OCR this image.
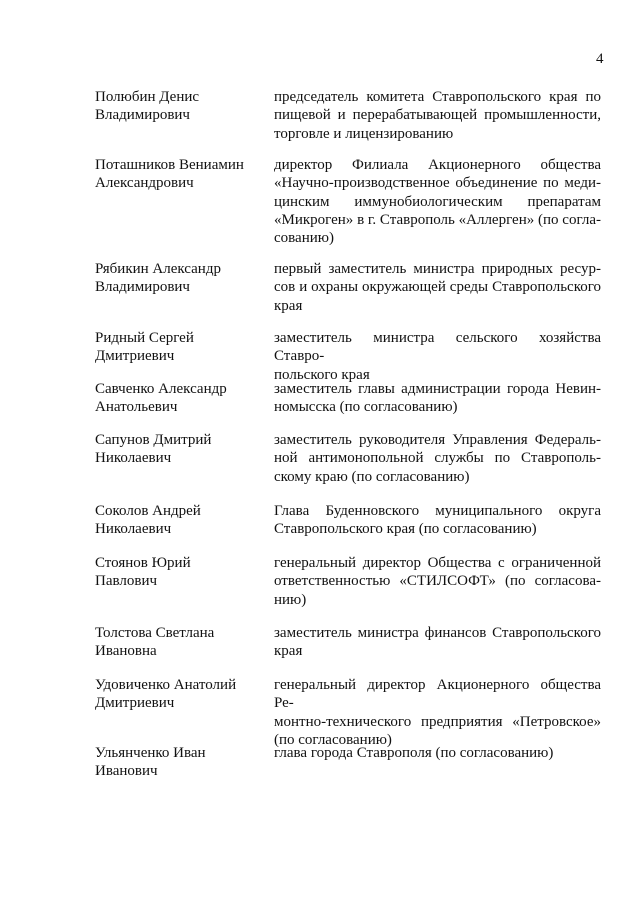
4
Полюбин Денис
Владимирович
председатель комитета Ставропольского края по
пищевой и перерабатывающей промышленности,
торговле и лицензированию
Поташников Вениамин
Александрович
директор Филиала Акционерного общества
«Научно-производственное объединение по меди-
цинским иммунобиологическим препаратам
«Микроген» в г. Ставрополь «Аллерген» (по согла-
сованию)
Рябикин Александр
Владимирович
первый заместитель министра природных ресур-
сов и охраны окружающей среды Ставропольского
края
Ридный Сергей
Дмитриевич
заместитель министра сельского хозяйства Ставро-
польского края
Савченко Александр
Анатольевич
заместитель главы администрации города Невин-
номысска (по согласованию)
Сапунов Дмитрий
Николаевич
заместитель руководителя Управления Федераль-
ной антимонопольной службы по Ставрополь-
скому краю (по согласованию)
Соколов Андрей
Николаевич
Глава Буденновского муниципального округа
Ставропольского края (по согласованию)
Стоянов Юрий
Павлович
генеральный директор Общества с ограниченной
ответственностью «СТИЛСОФТ» (по согласова-
нию)
Толстова Светлана
Ивановна
заместитель министра финансов Ставропольского
края
Удовиченко Анатолий
Дмитриевич
генеральный директор Акционерного общества Ре-
монтно-технического предприятия «Петровское»
(по согласованию)
Ульянченко Иван
Иванович
глава города Ставрополя (по согласованию)
